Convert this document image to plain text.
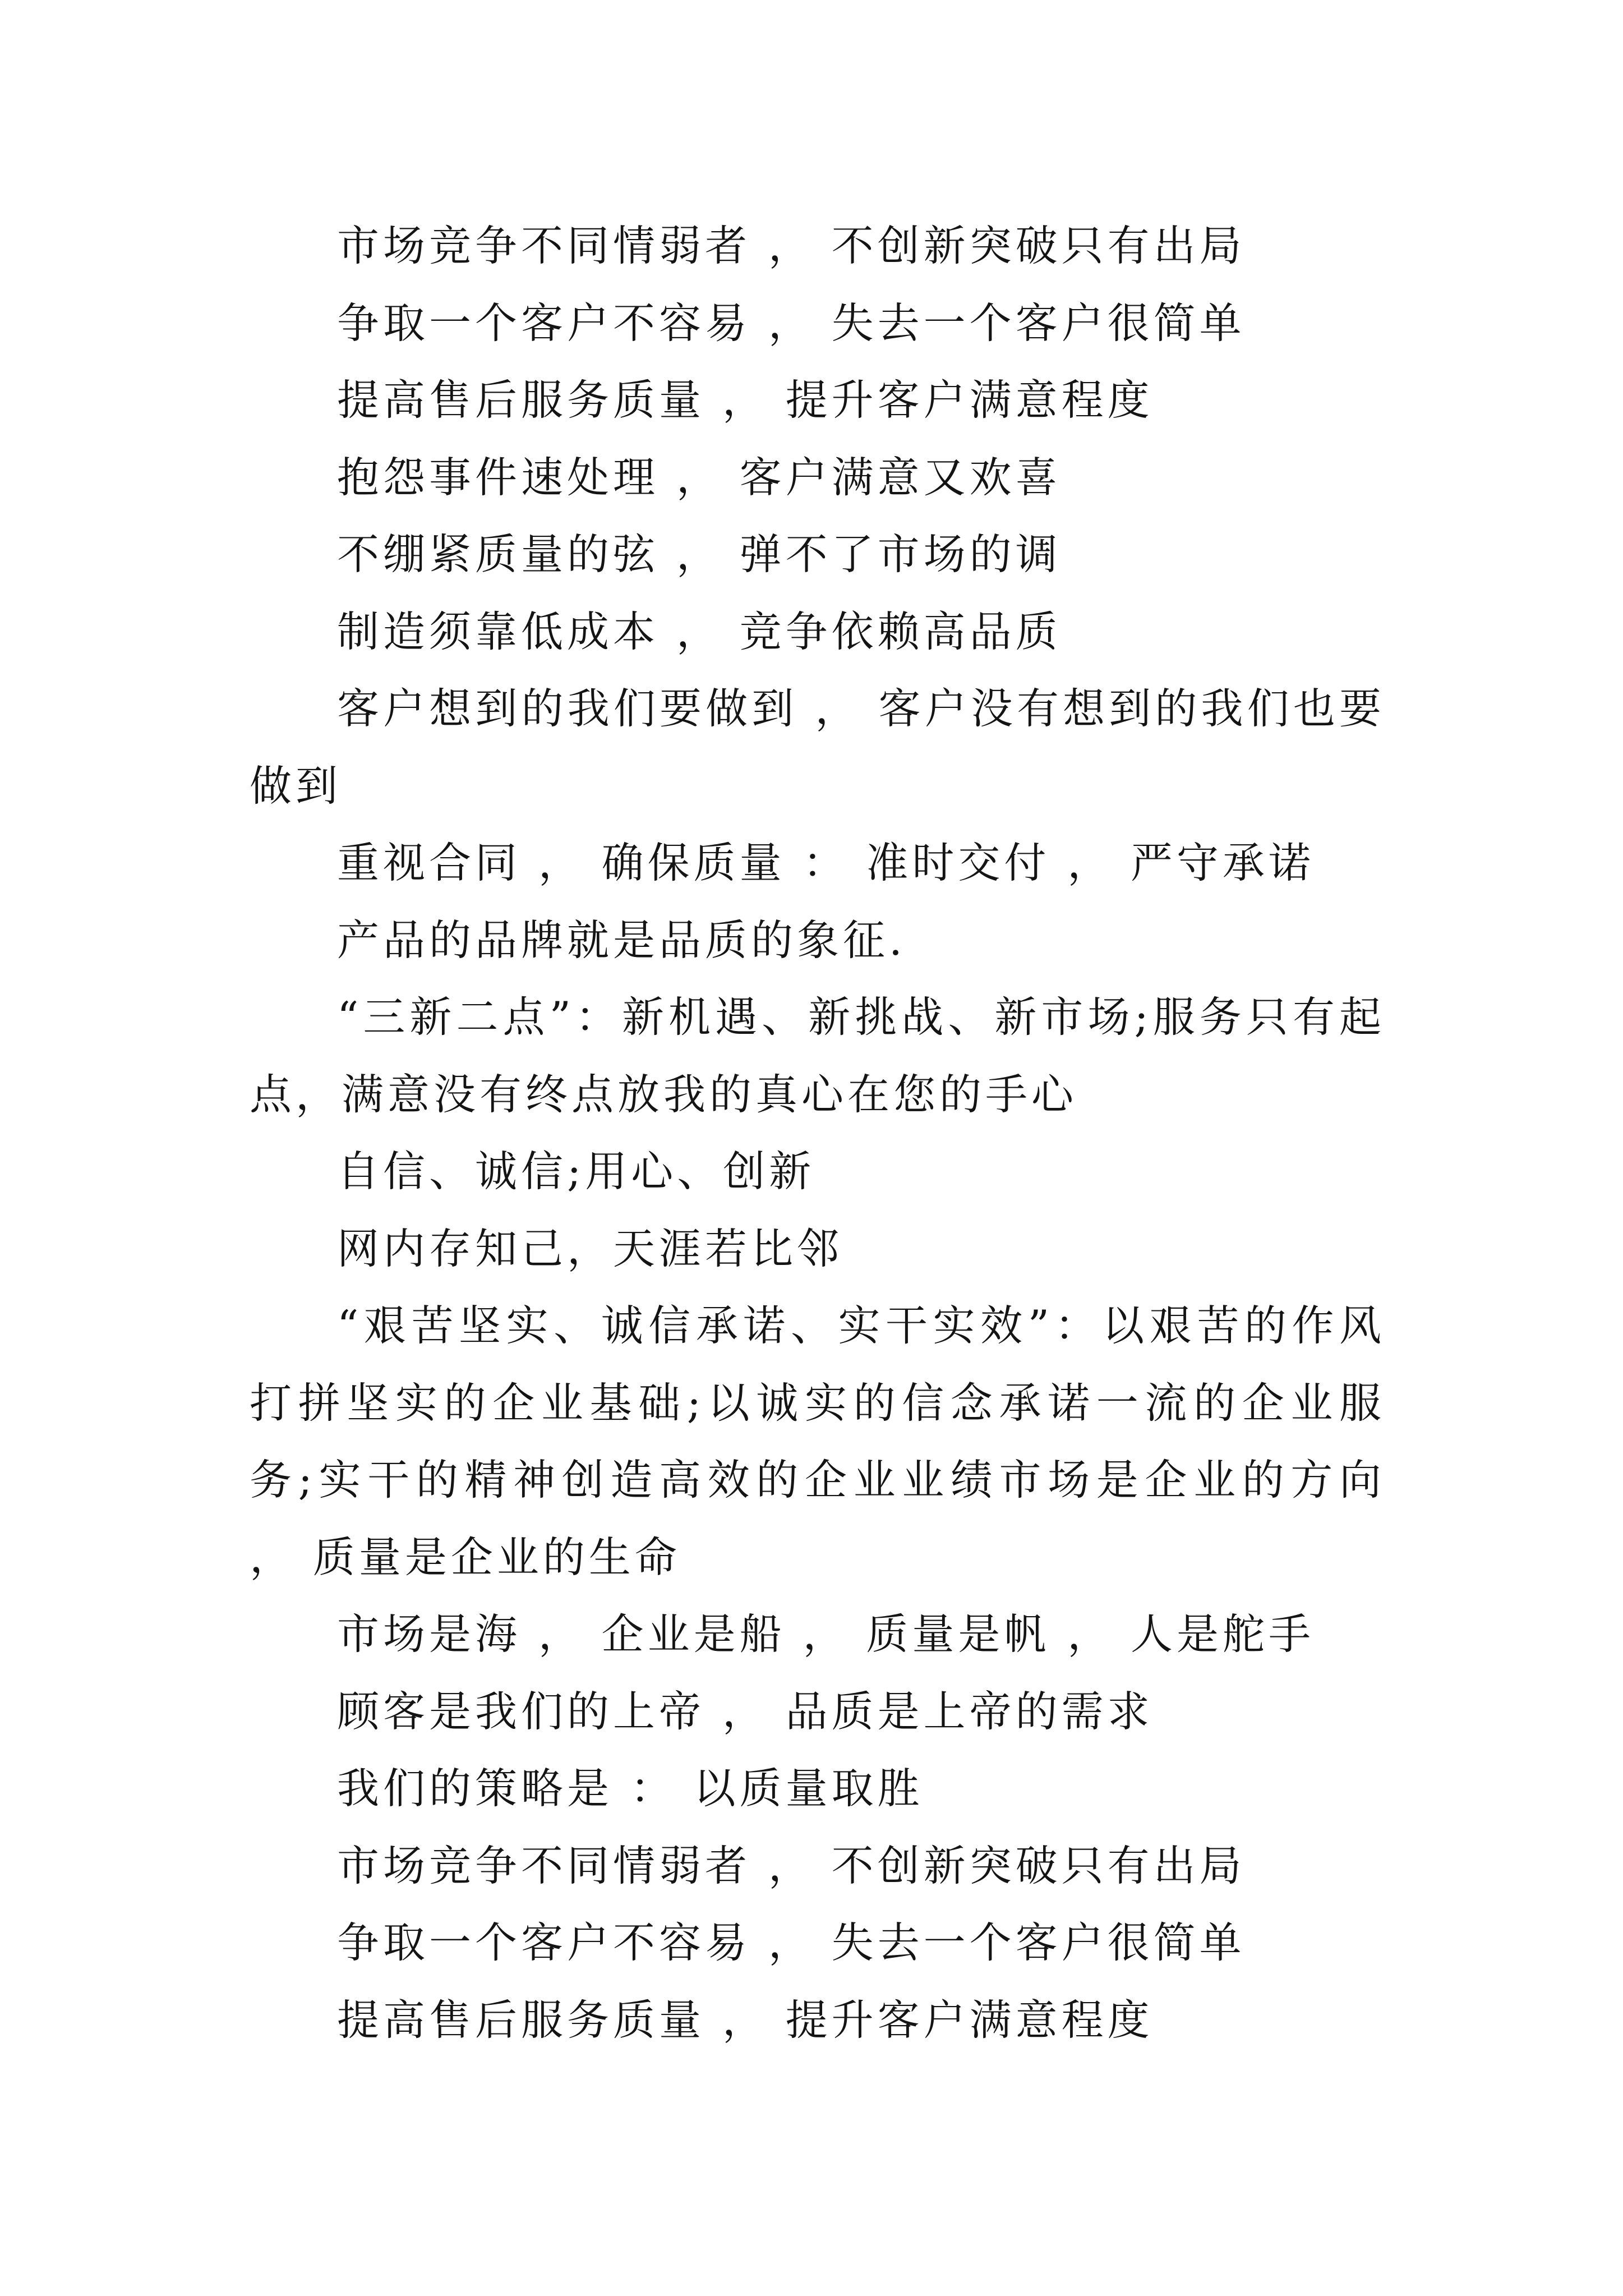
市场竞争不同情弱者 ， 不创新突破只有出局

争取一个客户不容易 ， 失去一个客户很简单

提高售后服务质量 ， 提升客户满意程度

抱怨事件速处理 ， 客户满意又欢喜

不绷紧质量的弦 ， 弹不了市场的调

制造须靠低成本 ， 竞争依赖高品质

客户想到的我们要做到 ， 客户没有想到的我们也要做到

重视合同 ， 确保质量 ： 准时交付 ， 严守承诺

产品的品牌就是品质的象征.

“三新二点”：新机遇、新挑战、新市场;服务只有起点，满意没有终点放我的真心在您的手心

自信、诚信;用心、创新

网内存知己，天涯若比邻

“艰苦坚实、诚信承诺、实干实效”：以艰苦的作风打拼坚实的企业基础;以诚实的信念承诺一流的企业服务;实干的精神创造高效的企业业绩市场是企业的方向 ， 质量是企业的生命

市场是海 ， 企业是船 ， 质量是帆 ， 人是舵手

顾客是我们的上帝 ， 品质是上帝的需求

我们的策略是 ： 以质量取胜

市场竞争不同情弱者 ， 不创新突破只有出局

争取一个客户不容易 ， 失去一个客户很简单

提高售后服务质量 ， 提升客户满意程度
